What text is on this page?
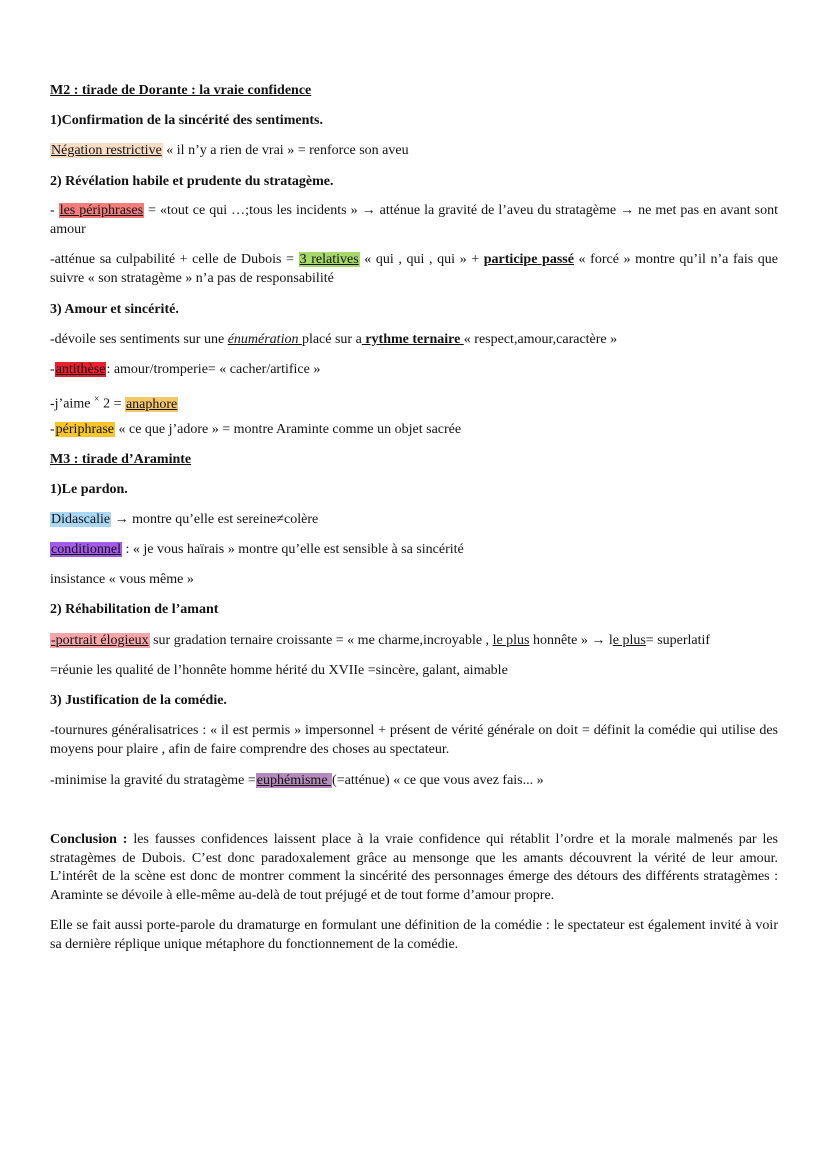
M2 : tirade de Dorante : la vraie confidence
1)Confirmation de la sincérité des sentiments.
Négation restrictive « il n’y a rien de vrai » = renforce son aveu
2) Révélation habile et prudente du stratagème.
- les périphrases = «tout ce qui …;tous les incidents » → atténue la gravité de l’aveu du stratagème → ne met pas en avant sont amour
-atténue sa culpabilité + celle de Dubois = 3 relatives « qui , qui , qui » + participe passé « forcé » montre qu’il n’a fais que suivre « son stratagème » n’a pas de responsabilité
3) Amour et sincérité.
-dévoile ses sentiments sur une énumération placé sur a rythme ternaire « respect,amour,caractère »
-antithèse: amour/tromperie= « cacher/artifice »
-j’aime × 2 = anaphore
-périphrase « ce que j’adore » = montre Araminte comme un objet sacrée
M3 : tirade d’Araminte
1)Le pardon.
Didascalie → montre qu’elle est sereine≠colère
conditionnel : « je vous haïrais » montre qu’elle est sensible à sa sincérité
insistance « vous même »
2) Réhabilitation de l’amant
-portrait élogieux sur gradation ternaire croissante = « me charme,incroyable , le plus honnête » → le plus= superlatif
=réunie les qualité de l’honnête homme hérité du XVIIe =sincère, galant, aimable
3) Justification de la comédie.
-tournures généralisatrices : « il est permis » impersonnel + présent de vérité générale on doit = définit la comédie qui utilise des moyens pour plaire , afin de faire comprendre des choses au spectateur.
-minimise la gravité du stratagème =euphémisme (=atténue) « ce que vous avez fais... »
Conclusion : les fausses confidences laissent place à la vraie confidence qui rétablit l’ordre et la morale malmenés par les stratagèmes de Dubois. C’est donc paradoxalement grâce au mensonge que les amants découvrent la vérité de leur amour. L’intérêt de la scène est donc de montrer comment la sincérité des personnages émerge des détours des différents stratagèmes : Araminte se dévoile à elle-même au-delà de tout préjugé et de tout forme d’amour propre.
Elle se fait aussi porte-parole du dramaturge en formulant une définition de la comédie : le spectateur est également invité à voir sa dernière réplique unique métaphore du fonctionnement de la comédie.
